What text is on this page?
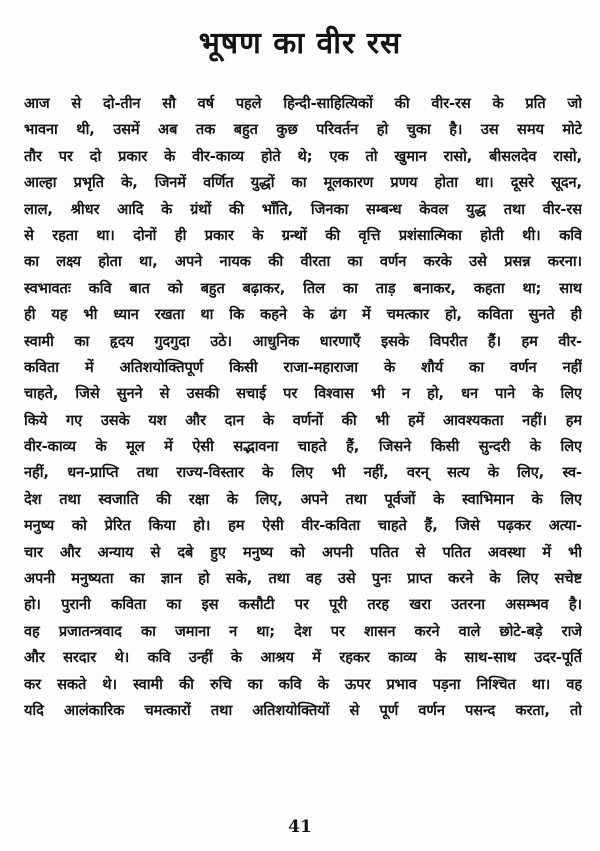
भूषण का वीर रस
आज से दो-तीन सौ वर्ष पहले हिन्दी-साहित्यिकों की वीर-रस के प्रति जो
भावना थी, उसमें अब तक बहुत कुछ परिवर्तन हो चुका है। उस समय मोटे
तौर पर दो प्रकार के वीर-काव्य होते थे; एक तो खुमान रासो, बीसलदेव रासो,
आल्हा प्रभृति के, जिनमें वर्णित युद्धों का मूलकारण प्रणय होता था। दूसरे सूदन,
लाल, श्रीधर आदि के ग्रंथों की भाँति, जिनका सम्बन्ध केवल युद्ध तथा वीर-रस
से रहता था। दोनों ही प्रकार के ग्रन्थों की वृत्ति प्रशंसात्मिका होती थी। कवि
का लक्ष्य होता था, अपने नायक की वीरता का वर्णन करके उसे प्रसन्न करना।
स्वभावतः कवि बात को बहुत बढ़ाकर, तिल का ताड़ बनाकर, कहता था; साथ
ही यह भी ध्यान रखता था कि कहने के ढंग में चमत्कार हो, कविता सुनते ही
स्वामी का हृदय गुदगुदा उठे। आधुनिक धारणाएँ इसके विपरीत हैं। हम वीर-
कविता में अतिशयोक्तिपूर्ण किसी राजा-महाराजा के शौर्य का वर्णन नहीं
चाहते, जिसे सुनने से उसकी सचाई पर विश्वास भी न हो, धन पाने के लिए
किये गए उसके यश और दान के वर्णनों की भी हमें आवश्यकता नहीं। हम
वीर-काव्य के मूल में ऐसी सद्भावना चाहते हैं, जिसने किसी सुन्दरी के लिए
नहीं, धन-प्राप्ति तथा राज्य-विस्तार के लिए भी नहीं, वरन् सत्य के लिए, स्व-
देश तथा स्वजाति की रक्षा के लिए, अपने तथा पूर्वजों के स्वाभिमान के लिए
मनुष्य को प्रेरित किया हो। हम ऐसी वीर-कविता चाहते हैं, जिसे पढ़कर अत्या-
चार और अन्याय से दबे हुए मनुष्य को अपनी पतित से पतित अवस्था में भी
अपनी मनुष्यता का ज्ञान हो सके, तथा वह उसे पुनः प्राप्त करने के लिए सचेष्ट
हो। पुरानी कविता का इस कसौटी पर पूरी तरह खरा उतरना असम्भव है।
वह प्रजातन्त्रवाद का जमाना न था; देश पर शासन करने वाले छोटे-बड़े राजे
और सरदार थे। कवि उन्हीं के आश्रय में रहकर काव्य के साथ-साथ उदर-पूर्ति
कर सकते थे। स्वामी की रुचि का कवि के ऊपर प्रभाव पड़ना निश्चित था। वह
यदि आलंकारिक चमत्कारों तथा अतिशयोक्तियों से पूर्ण वर्णन पसन्द करता, तो
41
